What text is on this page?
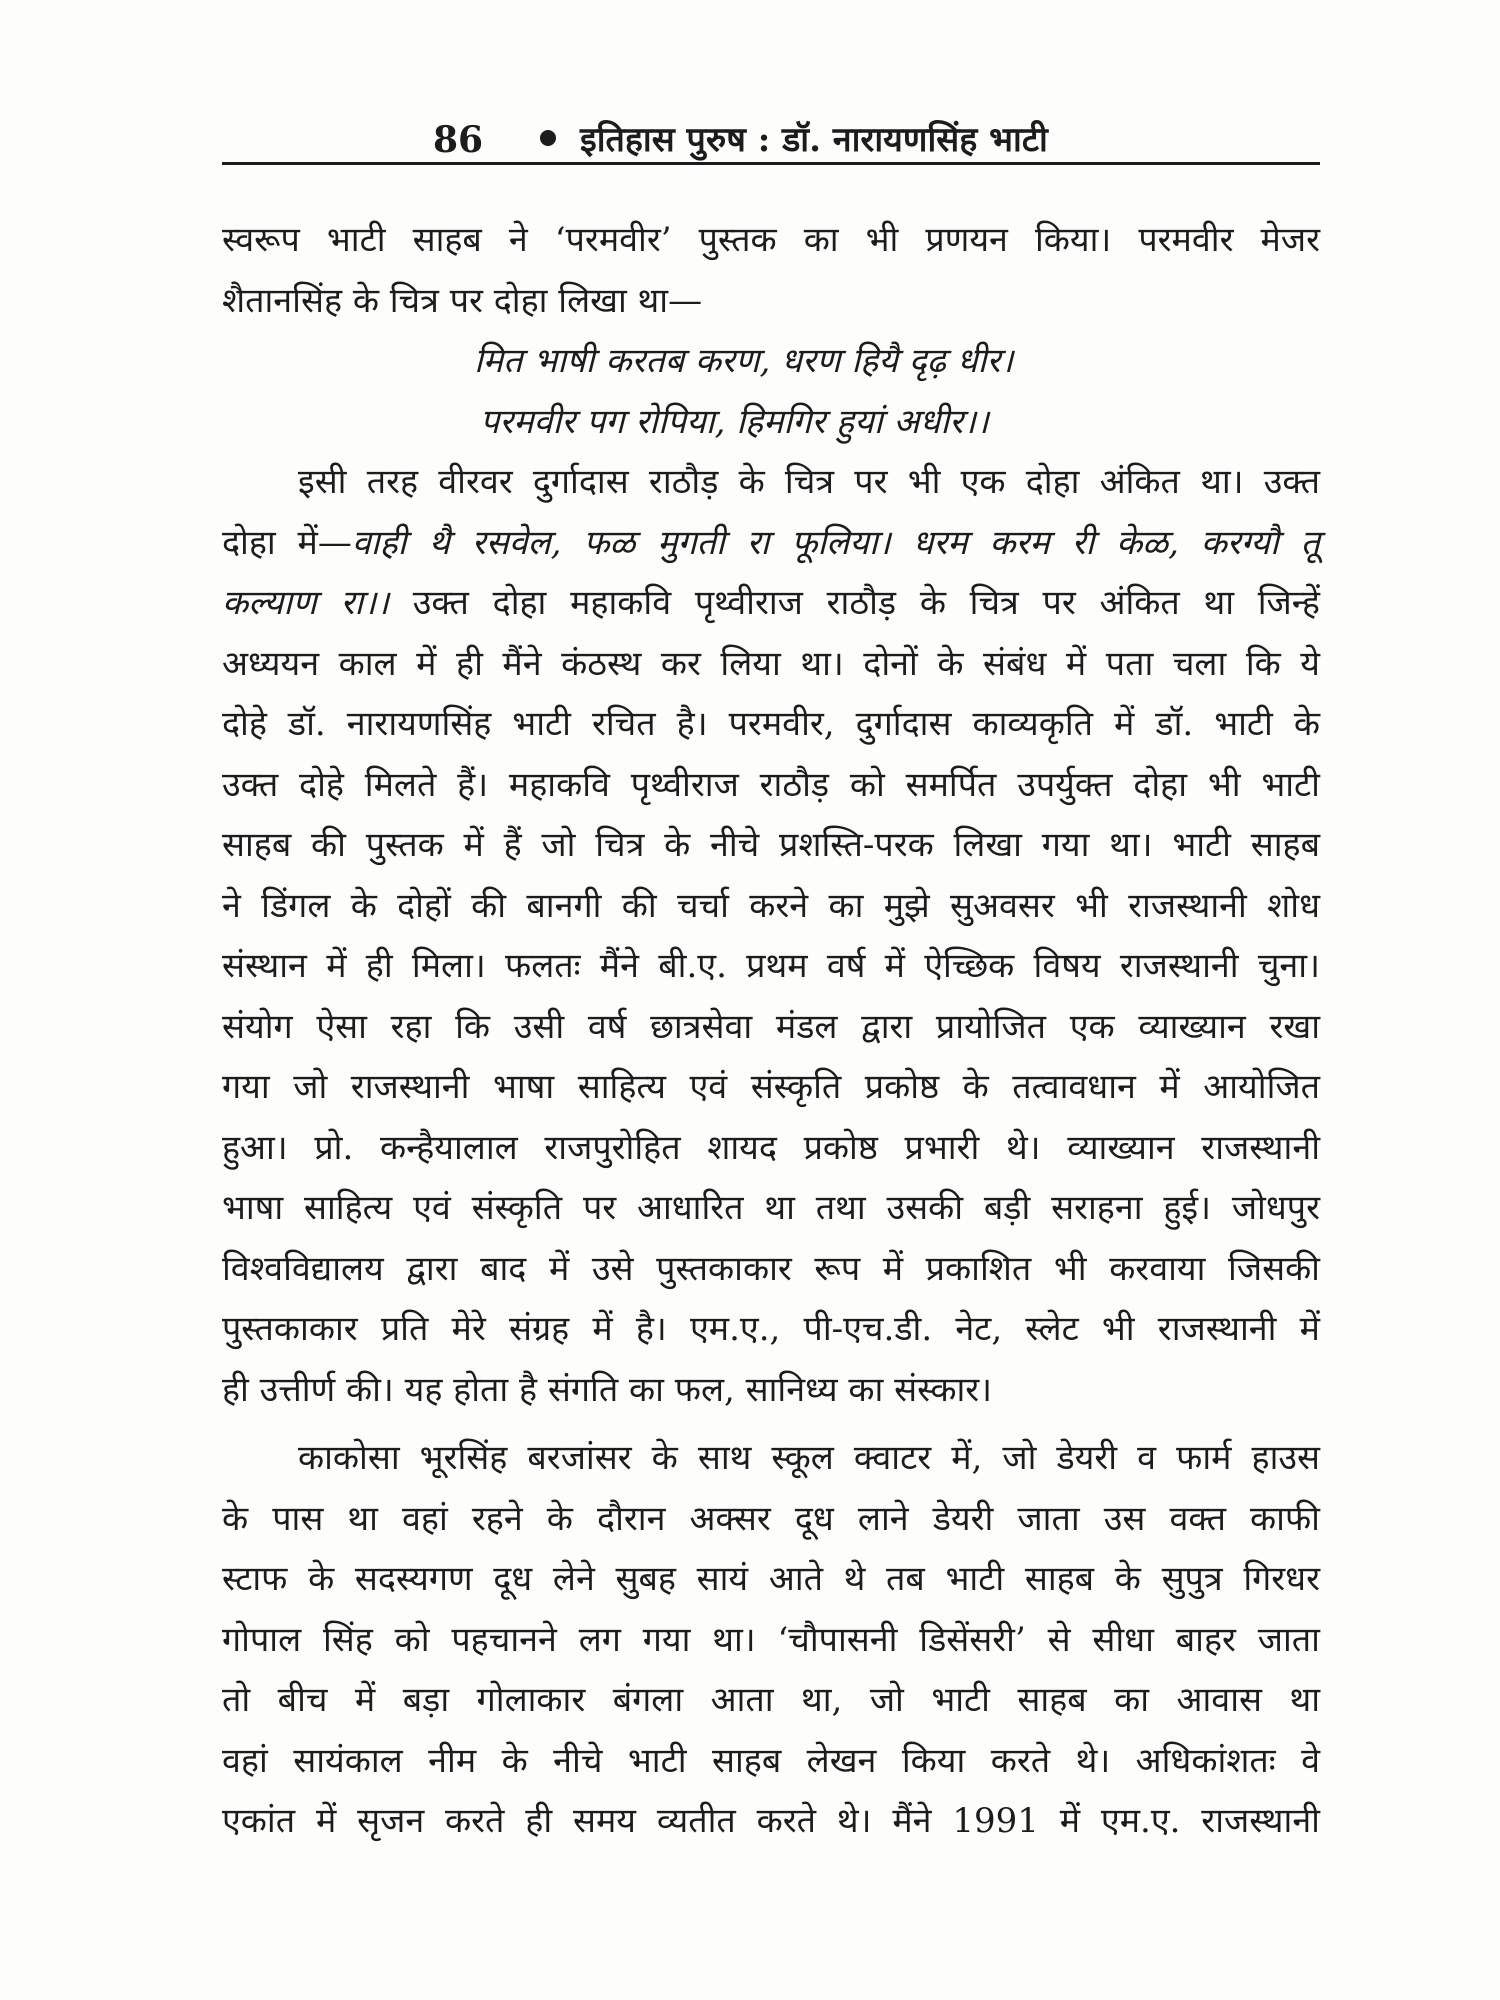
86	इतिहास पुरुष : डॉ. नारायणसिंह भाटी
स्वरूप भाटी साहब ने ‘परमवीर’ पुस्तक का भी प्रणयन किया। परमवीर मेजर
शैतानसिंह के चित्र पर दोहा लिखा था—
मित भाषी करतब करण, धरण हियै दृढ़ धीर।
परमवीर पग रोपिया, हिमगिर हुयां अधीर।।
इसी तरह वीरवर दुर्गादास राठौड़ के चित्र पर भी एक दोहा अंकित था। उक्त
दोहा में—वाही थै रसवेल, फळ मुगती रा फूलिया। धरम करम री केळ, करग्यौ तू
कल्याण रा।। उक्त दोहा महाकवि पृथ्वीराज राठौड़ के चित्र पर अंकित था जिन्हें
अध्ययन काल में ही मैंने कंठस्थ कर लिया था। दोनों के संबंध में पता चला कि ये
दोहे डॉ. नारायणसिंह भाटी रचित है। परमवीर, दुर्गादास काव्यकृति में डॉ. भाटी के
उक्त दोहे मिलते हैं। महाकवि पृथ्वीराज राठौड़ को समर्पित उपर्युक्त दोहा भी भाटी
साहब की पुस्तक में हैं जो चित्र के नीचे प्रशस्ति-परक लिखा गया था। भाटी साहब
ने डिंगल के दोहों की बानगी की चर्चा करने का मुझे सुअवसर भी राजस्थानी शोध
संस्थान में ही मिला। फलतः मैंने बी.ए. प्रथम वर्ष में ऐच्छिक विषय राजस्थानी चुना।
संयोग ऐसा रहा कि उसी वर्ष छात्रसेवा मंडल द्वारा प्रायोजित एक व्याख्यान रखा
गया जो राजस्थानी भाषा साहित्य एवं संस्कृति प्रकोष्ठ के तत्वावधान में आयोजित
हुआ। प्रो. कन्हैयालाल राजपुरोहित शायद प्रकोष्ठ प्रभारी थे। व्याख्यान राजस्थानी
भाषा साहित्य एवं संस्कृति पर आधारित था तथा उसकी बड़ी सराहना हुई। जोधपुर
विश्वविद्यालय द्वारा बाद में उसे पुस्तकाकार रूप में प्रकाशित भी करवाया जिसकी
पुस्तकाकार प्रति मेरे संग्रह में है। एम.ए., पी-एच.डी. नेट, स्लेट भी राजस्थानी में
ही उत्तीर्ण की। यह होता है संगति का फल, सानिध्य का संस्कार।
काकोसा भूरसिंह बरजांसर के साथ स्कूल क्वाटर में, जो डेयरी व फार्म हाउस
के पास था वहां रहने के दौरान अक्सर दूध लाने डेयरी जाता उस वक्त काफी
स्टाफ के सदस्यगण दूध लेने सुबह सायं आते थे तब भाटी साहब के सुपुत्र गिरधर
गोपाल सिंह को पहचानने लग गया था। ‘चौपासनी डिसेंसरी’ से सीधा बाहर जाता
तो बीच में बड़ा गोलाकार बंगला आता था, जो भाटी साहब का आवास था
वहां सायंकाल नीम के नीचे भाटी साहब लेखन किया करते थे। अधिकांशतः वे
एकांत में सृजन करते ही समय व्यतीत करते थे। मैंने 1991 में एम.ए. राजस्थानी
